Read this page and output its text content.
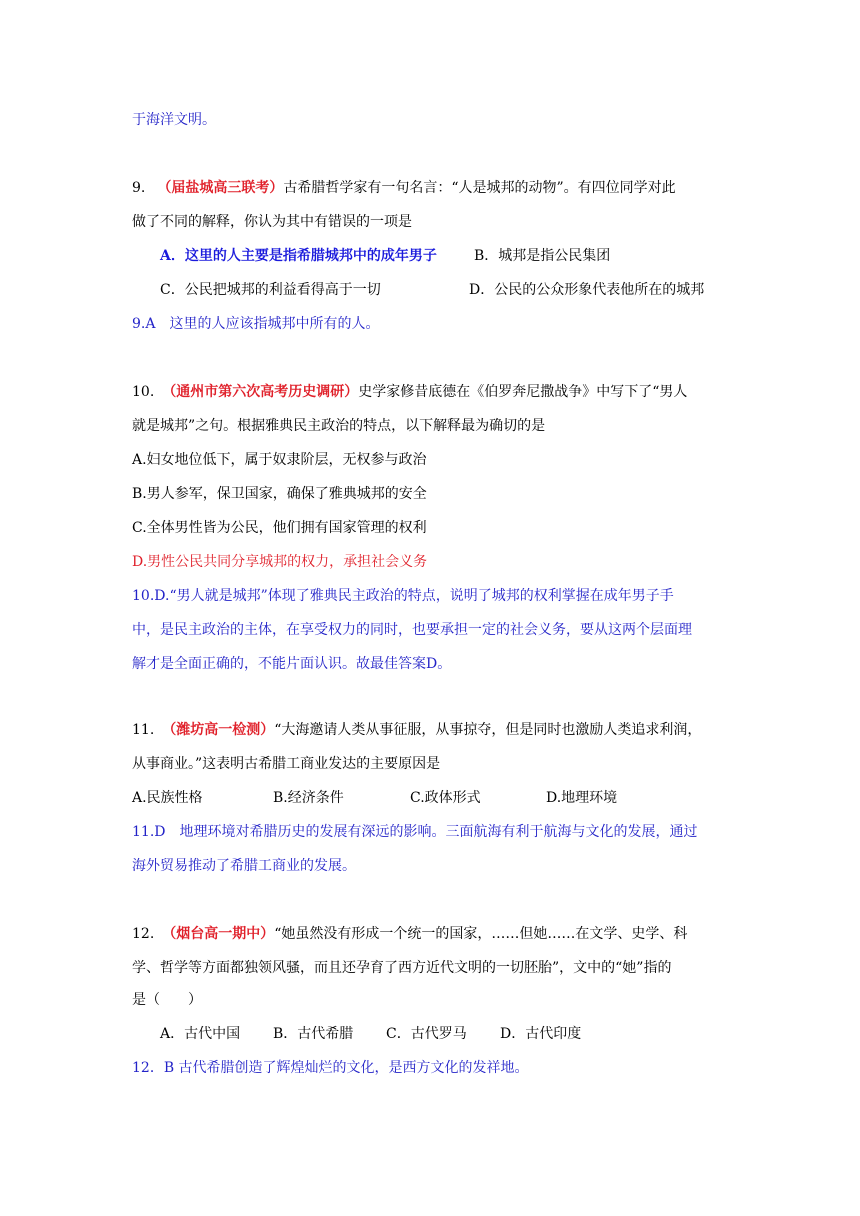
于海洋文明。
9. （届盐城高三联考）古希腊哲学家有一句名言：“人是城邦的动物”。有四位同学对此
做了不同的解释，你认为其中有错误的一项是
A．这里的人主要是指希腊城邦中的成年男子	B．城邦是指公民集团
C．公民把城邦的利益看得高于一切	D．公民的公众形象代表他所在的城邦
9.A　这里的人应该指城邦中所有的人。
10. （通州市第六次高考历史调研）史学家修昔底德在《伯罗奔尼撒战争》中写下了“男人
就是城邦”之句。根据雅典民主政治的特点，以下解释最为确切的是
A.妇女地位低下，属于奴隶阶层，无权参与政治
B.男人参军，保卫国家，确保了雅典城邦的安全
C.全体男性皆为公民，他们拥有国家管理的权利
D.男性公民共同分享城邦的权力，承担社会义务
10.D.“男人就是城邦”体现了雅典民主政治的特点，说明了城邦的权利掌握在成年男子手
中，是民主政治的主体，在享受权力的同时，也要承担一定的社会义务，要从这两个层面理
解才是全面正确的，不能片面认识。故最佳答案D。
11. （潍坊高一检测）“大海邀请人类从事征服，从事掠夺，但是同时也激励人类追求利润，
从事商业。”这表明古希腊工商业发达的主要原因是
A.民族性格	B.经济条件	C.政体形式	D.地理环境
11.D　地理环境对希腊历史的发展有深远的影响。三面航海有利于航海与文化的发展，通过
海外贸易推动了希腊工商业的发展。
12. （烟台高一期中）“她虽然没有形成一个统一的国家，……但她……在文学、史学、科
学、哲学等方面都独领风骚，而且还孕育了西方近代文明的一切胚胎”，文中的“她”指的
是（　　）
A．古代中国 B．古代希腊 C．古代罗马 D．古代印度
12．B 古代希腊创造了辉煌灿烂的文化，是西方文化的发祥地。
